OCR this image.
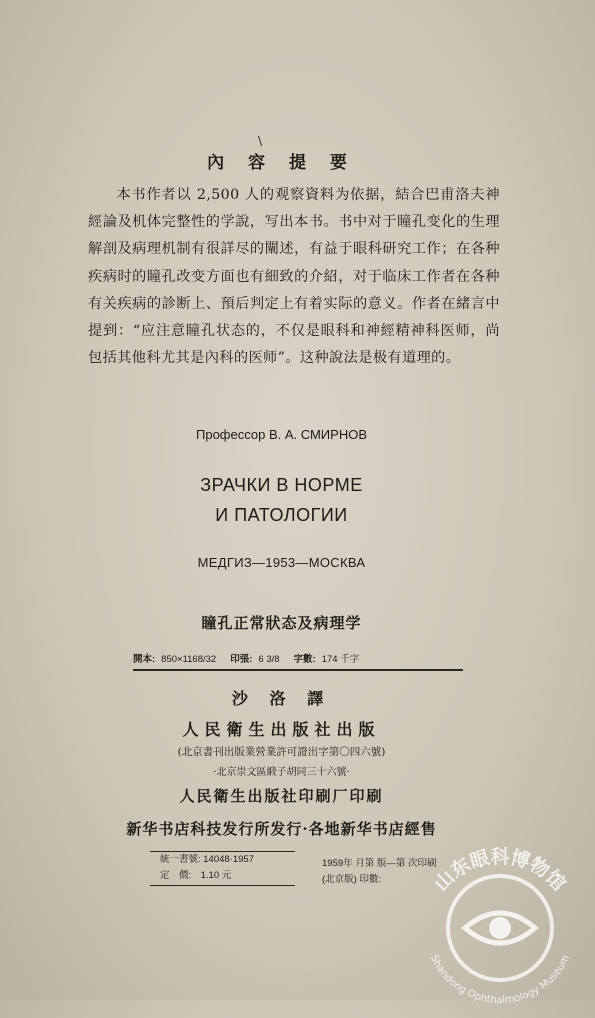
\
內 容 提 要

本书作者以 2,500 人的观察資料为依据，結合巴甫洛夫神經論及机体完整性的学說，写出本书。书中对于瞳孔变化的生理解剖及病理机制有很詳尽的闡述，有益于眼科研究工作；在各种疾病时的瞳孔改变方面也有細致的介紹，对于临床工作者在各种有关疾病的診断上、預后判定上有着实际的意义。作者在緒言中提到：“应注意瞳孔状态的，不仅是眼科和神經精神科医师，尚包括其他科尤其是內科的医师”。这种說法是极有道理的。

Профессор В. А. СМИРНОВ
ЗРАЧКИ В НОРМЕ
И ПАТОЛОГИИ
МЕДГИЗ—1953—МОСКВА
瞳孔正常狀态及病理学
開本: 850×1168/32 印張: 6 3/8 字數: 174 千字
沙 洛 譯
人民衛生出版社出版
(北京書刊出版業營業許可證出字第〇四六號)
·北京崇文區緞子胡同三十六號·
人民衛生出版社印刷厂印刷
新华书店科技发行所发行·各地新华书店經售
統一書號: 14048·1957
定　價:　1.10 元
1959年 月第 版—第 次印刷
(北京版) 印數:	山东眼科博物馆
Shandong Ophthalmology Museum
